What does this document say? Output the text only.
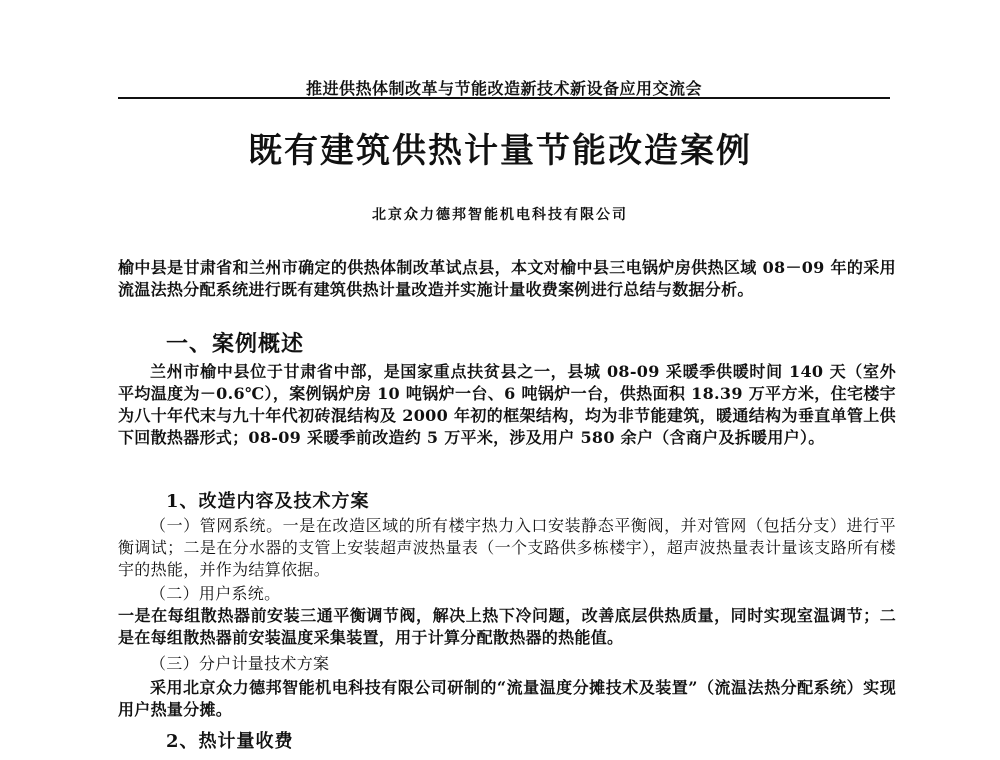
推进供热体制改革与节能改造新技术新设备应用交流会
既有建筑供热计量节能改造案例
北京众力德邦智能机电科技有限公司
榆中县是甘肃省和兰州市确定的供热体制改革试点县，本文对榆中县三电锅炉房供热区域 08－09 年的采用流温法热分配系统进行既有建筑供热计量改造并实施计量收费案例进行总结与数据分析。
一、案例概述
兰州市榆中县位于甘肃省中部，是国家重点扶贫县之一，县城 08-09 采暖季供暖时间 140 天（室外平均温度为－0.6℃），案例锅炉房 10 吨锅炉一台、6 吨锅炉一台，供热面积 18.39 万平方米，住宅楼宇为八十年代末与九十年代初砖混结构及 2000 年初的框架结构，均为非节能建筑，暖通结构为垂直单管上供下回散热器形式；08-09 采暖季前改造约 5 万平米，涉及用户 580 余户（含商户及拆暖用户）。
1、改造内容及技术方案
（一）管网系统。一是在改造区域的所有楼宇热力入口安装静态平衡阀，并对管网（包括分支）进行平衡调试；二是在分水器的支管上安装超声波热量表（一个支路供多栋楼宇），超声波热量表计量该支路所有楼宇的热能，并作为结算依据。
（二）用户系统。
一是在每组散热器前安装三通平衡调节阀，解决上热下冷问题，改善底层供热质量，同时实现室温调节；二是在每组散热器前安装温度采集装置，用于计算分配散热器的热能值。
（三）分户计量技术方案
采用北京众力德邦智能机电科技有限公司研制的“流量温度分摊技术及装置”（流温法热分配系统）实现用户热量分摊。
2、热计量收费
